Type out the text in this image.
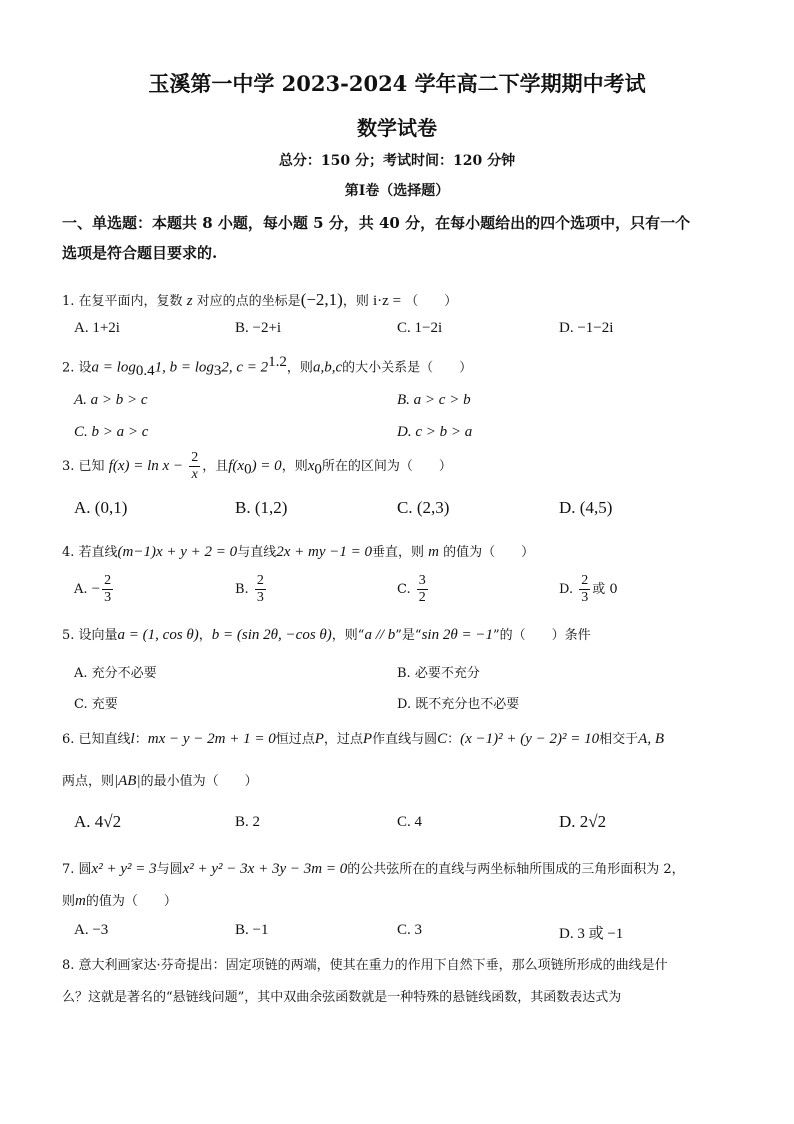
玉溪第一中学 2023-2024 学年高二下学期期中考试
数学试卷
总分：150 分；考试时间：120 分钟
第Ⅰ卷（选择题）
一、单选题：本题共 8 小题，每小题 5 分，共 40 分，在每小题给出的四个选项中，只有一个
选项是符合题目要求的.
1. 在复平面内，复数 z 对应的点的坐标是(−2,1)，则 i·z = （　　）
A. 1+2i	B. −2+i	C. 1−2i	D. −1−2i
2. 设$a = \log_{0.4}1$, $b = \log_32$, $c = 2^{1.2}$，则a,b,c的大小关系是（　　）
A. a > b > c	B. a > c > b
C. b > a > c	D. c > b > a
3. 已知 $f(x) = \ln x - \frac{2}{x}$ ，且$f(x_0) = 0$，则$x_0$所在的区间为（　　）
A. (0,1)	B. (1,2)	C. (2,3)	D. (4,5)
4. 若直线(m−1)x + y + 2 = 0与直线2x + my −1 = 0垂直，则 m 的值为（　　）
A. − $\frac{2}{3}$	B. $\frac{2}{3}$	C. $\frac{3}{2}$	D. $\frac{2}{3}$ 或 0
5. 设向量a = (1, cos θ)，b = (sin 2θ, −cos θ)，则“a // b”是“sin 2θ = −1”的（　　）条件
A. 充分不必要	B. 必要不充分
C. 充要	D. 既不充分也不必要
6. 已知直线l：mx − y − 2m + 1 = 0恒过点P，过点P作直线与圆C：(x −1)² + (y − 2)² = 10相交于A, B
两点，则|AB|的最小值为（　　）
A. 4√2	B. 2	C. 4	D. 2√2
7. 圆x² + y² = 3与圆x² + y² − 3x + 3y − 3m = 0的公共弦所在的直线与两坐标轴所围成的三角形面积为 2，
则m的值为（　　）
A. −3	B. −1	C. 3	D. 3 或 −1
8. 意大利画家达·芬奇提出：固定项链的两端，使其在重力的作用下自然下垂，那么项链所形成的曲线是什
么？这就是著名的“悬链线问题”，其中双曲余弦函数就是一种特殊的悬链线函数，其函数表达式为
